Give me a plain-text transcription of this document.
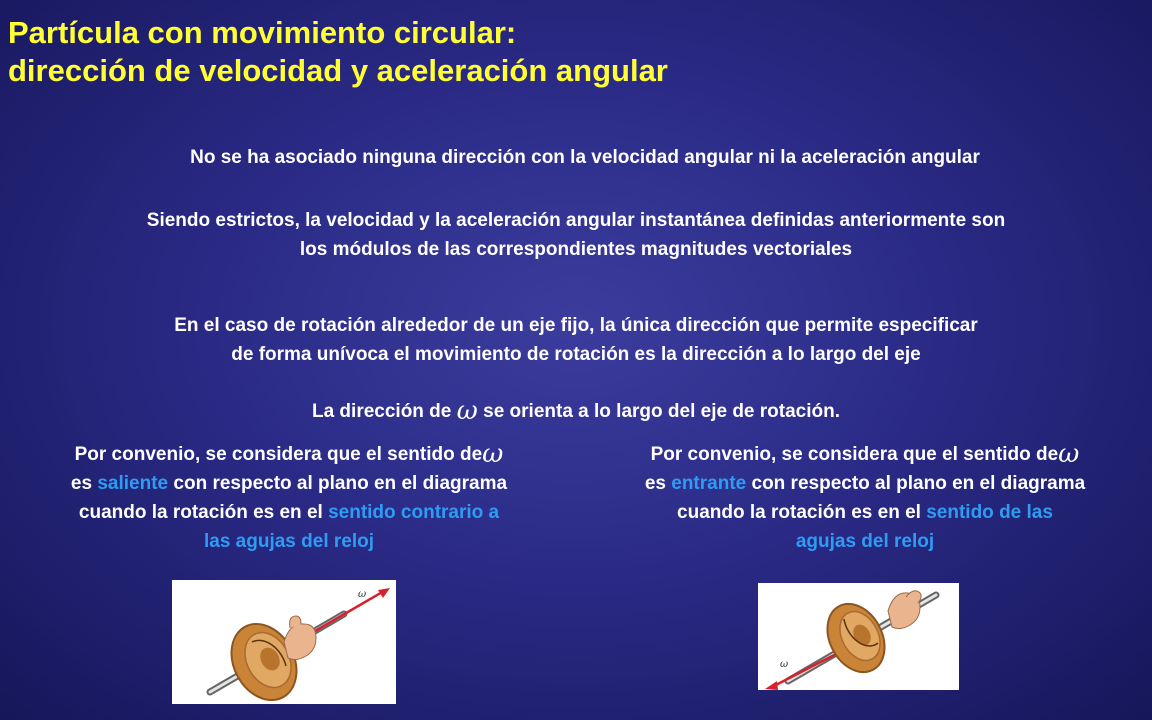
Partícula con movimiento circular:
dirección de velocidad y aceleración angular

No se ha asociado ninguna dirección con la velocidad angular ni la aceleración angular

Siendo estrictos, la velocidad y la aceleración angular instantánea definidas anteriormente son
los módulos de las correspondientes magnitudes vectoriales

En el caso de rotación alrededor de un eje fijo, la única dirección que permite especificar
de forma unívoca el movimiento de rotación es la dirección a lo largo del eje

La dirección de ω se orienta a lo largo del eje de rotación.

Por convenio, se considera que el sentido deω
es saliente con respecto al plano en el diagrama
cuando la rotación es en el sentido contrario a
las agujas del reloj

Por convenio, se considera que el sentido deω
es entrante con respecto al plano en el diagrama
cuando la rotación es en el sentido de las
agujas del reloj

ω
ω
